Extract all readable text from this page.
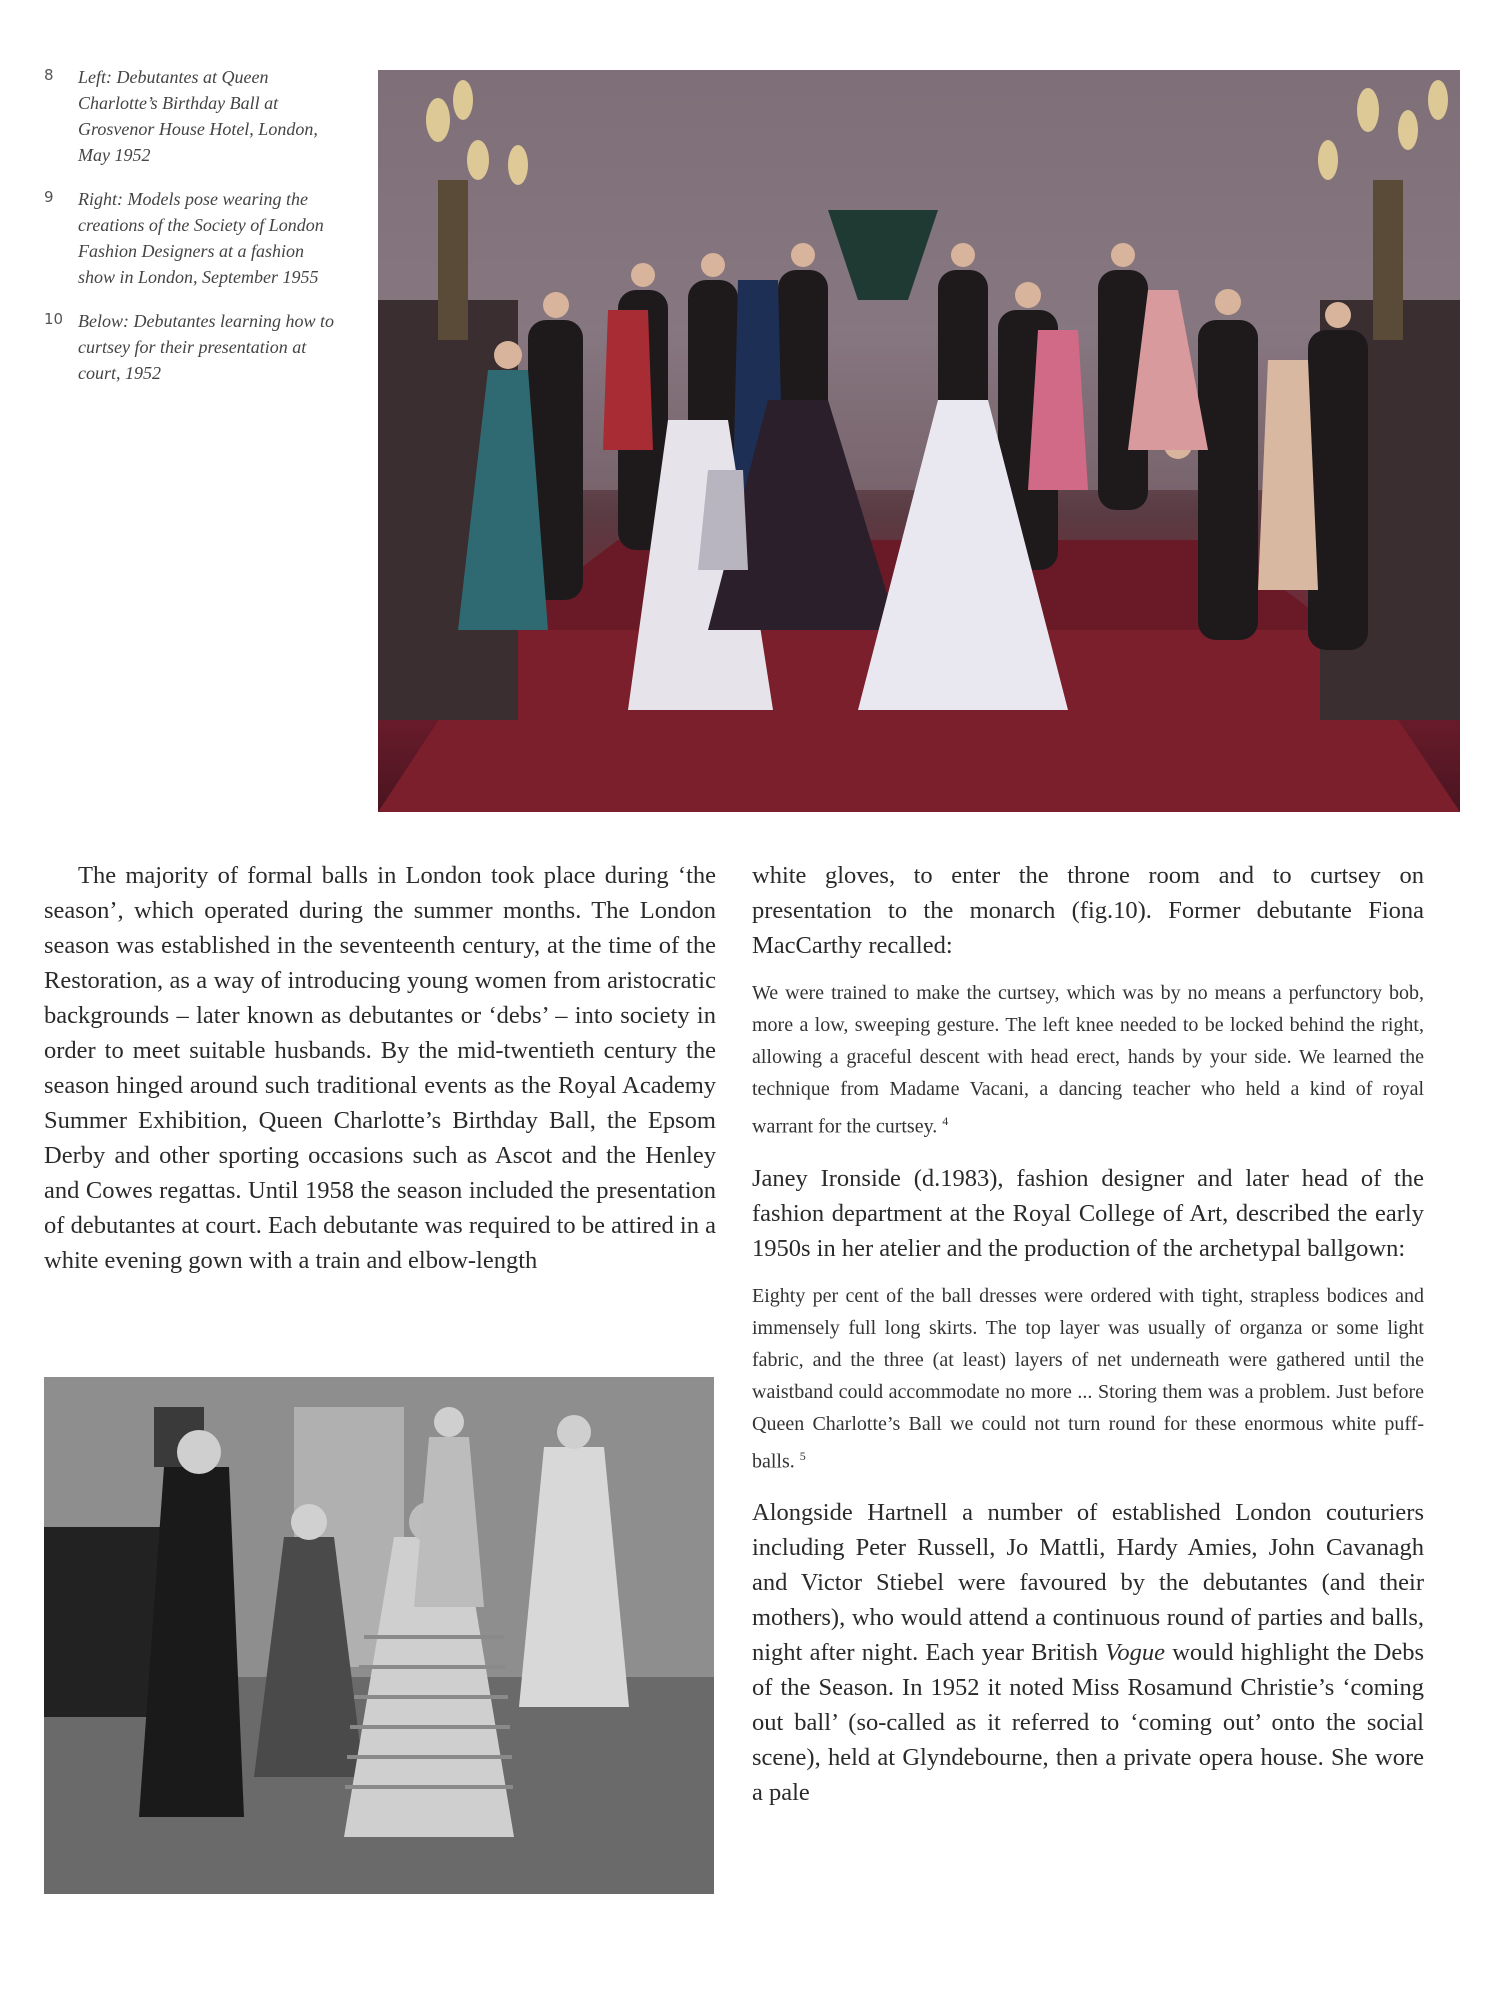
8	Left: Debutantes at Queen Charlotte’s Birthday Ball at Grosvenor House Hotel, London, May 1952
9	Right: Models pose wearing the creations of the Society of London Fashion Designers at a fashion show in London, September 1955
10 Below: Debutantes learning how to curtsey for their presentation at court, 1952

The majority of formal balls in London took place during ‘the season’, which operated during the summer months. The London season was established in the seventeenth century, at the time of the Restoration, as a way of introducing young women from aristocratic backgrounds – later known as debutantes or ‘debs’ – into society in order to meet suitable husbands. By the mid-twentieth century the season hinged around such traditional events as the Royal Academy Summer Exhibition, Queen Charlotte’s Birthday Ball, the Epsom Derby and other sporting occasions such as Ascot and the Henley and Cowes regattas. Until 1958 the season included the presentation of debutantes at court. Each debutante was required to be attired in a white evening gown with a train and elbow-length

white gloves, to enter the throne room and to curtsey on presentation to the monarch (fig.10). Former debutante Fiona MacCarthy recalled:

We were trained to make the curtsey, which was by no means a perfunctory bob, more a low, sweeping gesture. The left knee needed to be locked behind the right, allowing a graceful descent with head erect, hands by your side. We learned the technique from Madame Vacani, a dancing teacher who held a kind of royal warrant for the curtsey. $^4$

Janey Ironside (d.1983), fashion designer and later head of the fashion department at the Royal College of Art, described the early 1950s in her atelier and the production of the archetypal ballgown:

Eighty per cent of the ball dresses were ordered with tight, strapless bodices and immensely full long skirts. The top layer was usually of organza or some light fabric, and the three (at least) layers of net underneath were gathered until the waistband could accommodate no more ... Storing them was a problem. Just before Queen Charlotte’s Ball we could not turn round for these enormous white puff-balls. $^5$

Alongside Hartnell a number of established London couturiers including Peter Russell, Jo Mattli, Hardy Amies, John Cavanagh and Victor Stiebel were favoured by the debutantes (and their mothers), who would attend a continuous round of parties and balls, night after night. Each year British Vogue would highlight the Debs of the Season. In 1952 it noted Miss Rosamund Christie’s ‘coming out ball’ (so-called as it referred to ‘coming out’ onto the social scene), held at Glyndebourne, then a private opera house. She wore a pale
